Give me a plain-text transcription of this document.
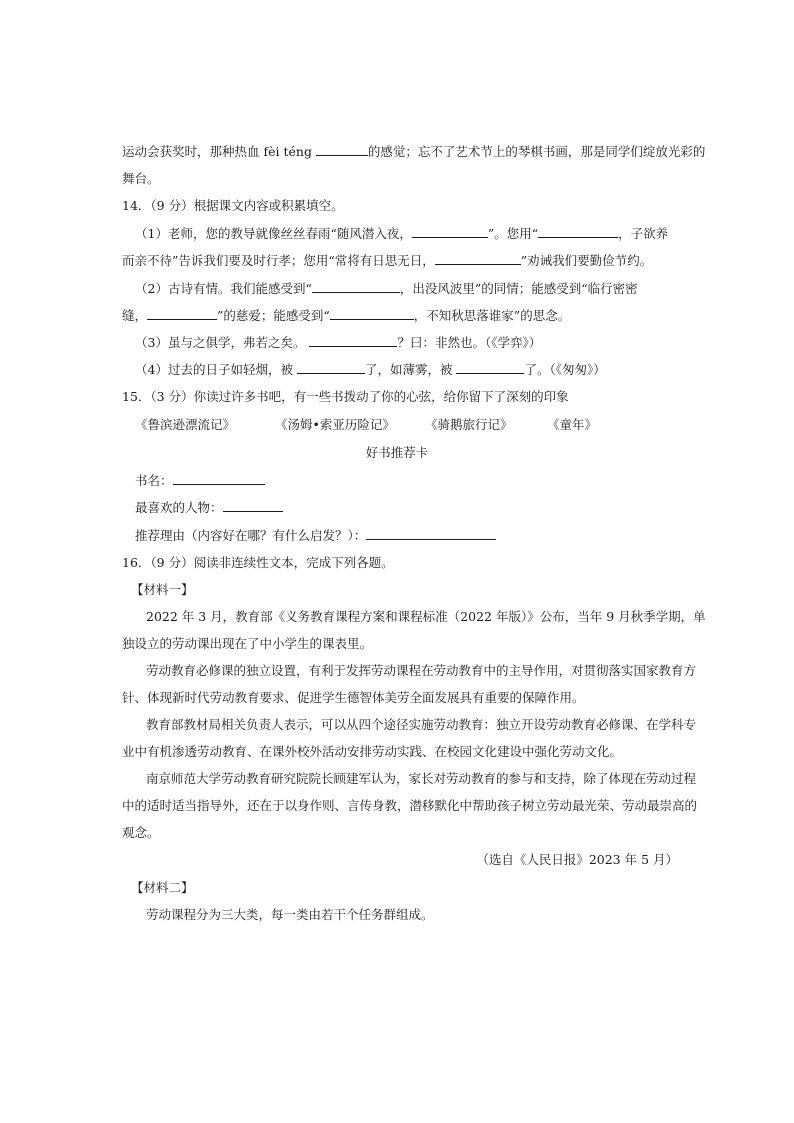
运动会获奖时，那种热血 fèi téng	的感觉；忘不了艺术节上的琴棋书画，那是同学们绽放光彩的
舞台。
14．（9 分）根据课文内容或积累填空。
（1）老师，您的教导就像丝丝春雨“随风潜入夜，	”。您用“	，子欲养
而亲不待”告诉我们要及时行孝；您用“常将有日思无日，	”劝诫我们要勤俭节约。
（2）古诗有情。我们能感受到“	，出没风波里”的同情；能感受到“临行密密
缝，	”的慈爱；能感受到“	，不知秋思落谁家”的思念。
（3）虽与之俱学，弗若之矣。	？曰：非然也。（《学弈》）
（4）过去的日子如轻烟，被	了，如薄雾，被	了。（《匆匆》）
15．（3 分）你读过许多书吧，有一些书拨动了你的心弦，给你留下了深刻的印象
《鲁滨逊漂流记》	《汤姆•索亚历险记》 《骑鹅旅行记》	《童年》
好书推荐卡
书名：
最喜欢的人物：
推荐理由（内容好在哪？有什么启发？）：
16．（9 分）阅读非连续性文本，完成下列各题。
【材料一】
2022 年 3 月，教育部《义务教育课程方案和课程标准（2022 年版）》公布，当年 9 月秋季学期，单
独设立的劳动课出现在了中小学生的课表里。
劳动教育必修课的独立设置，有利于发挥劳动课程在劳动教育中的主导作用，对贯彻落实国家教育方
针、体现新时代劳动教育要求、促进学生德智体美劳全面发展具有重要的保障作用。
教育部教材局相关负责人表示，可以从四个途径实施劳动教育：独立开设劳动教育必修课、在学科专
业中有机渗透劳动教育、在课外校外活动安排劳动实践、在校园文化建设中强化劳动文化。
南京师范大学劳动教育研究院院长顾建军认为，家长对劳动教育的参与和支持，除了体现在劳动过程
中的适时适当指导外，还在于以身作则、言传身教，潜移默化中帮助孩子树立劳动最光荣、劳动最崇高的
观念。
（选自《人民日报》2023 年 5 月）
【材料二】
劳动课程分为三大类，每一类由若干个任务群组成。
